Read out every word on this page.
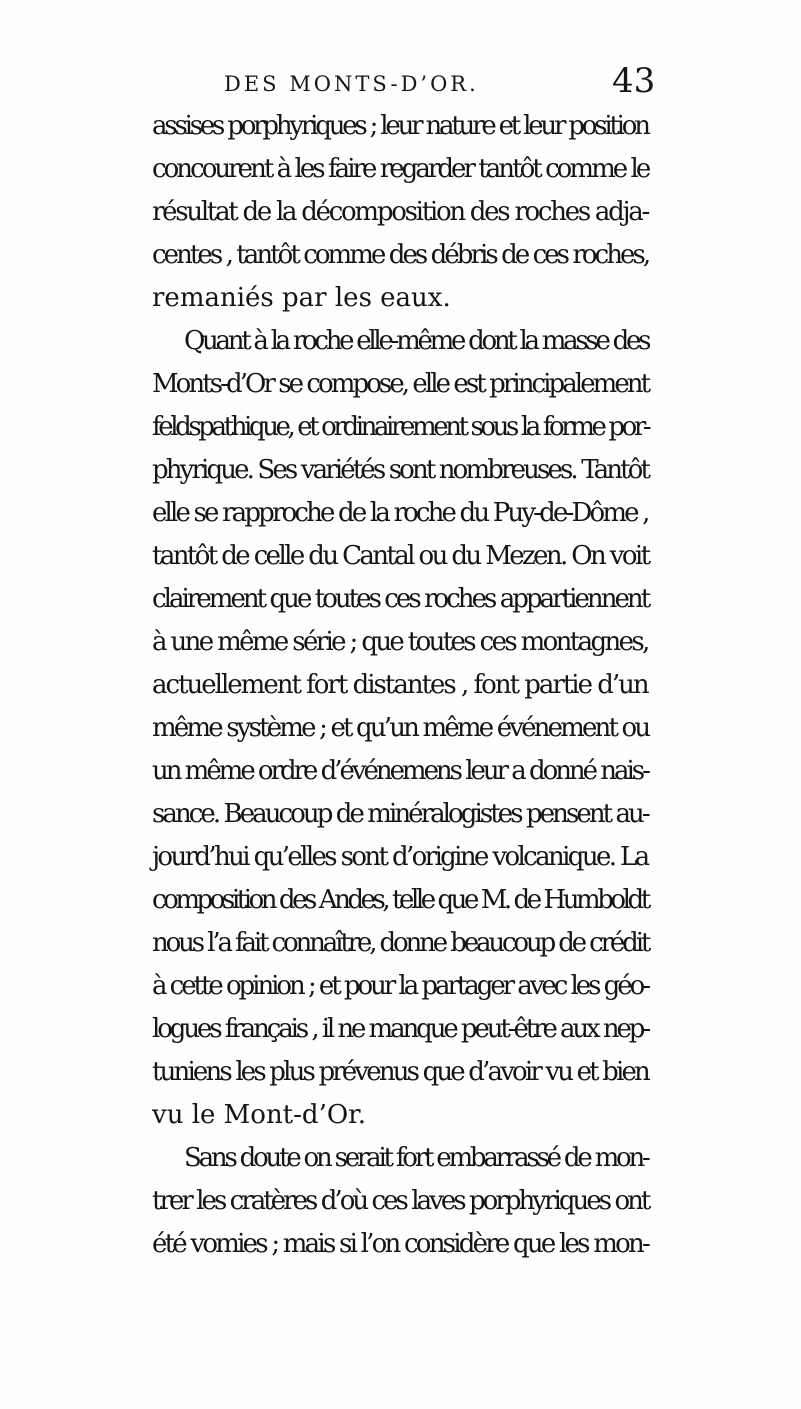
DES MONTS-D’OR.	43
assises porphyriques ; leur nature et leur position
concourent à les faire regarder tantôt comme le
résultat de la décomposition des roches adja-
centes , tantôt comme des débris de ces roches,
remaniés par les eaux.
Quant à la roche elle-même dont la masse des
Monts-d’Or se compose, elle est principalement
feldspathique, et ordinairement sous la forme por-
phyrique. Ses variétés sont nombreuses. Tantôt
elle se rapproche de la roche du Puy-de-Dôme ,
tantôt de celle du Cantal ou du Mezen. On voit
clairement que toutes ces roches appartiennent
à une même série ; que toutes ces montagnes,
actuellement fort distantes , font partie d’un
même système ; et qu’un même événement ou
un même ordre d’événemens leur a donné nais-
sance. Beaucoup de minéralogistes pensent au-
jourd’hui qu’elles sont d’origine volcanique. La
composition des Andes, telle que M. de Humboldt
nous l’a fait connaître, donne beaucoup de crédit
à cette opinion ; et pour la partager avec les géo-
logues français , il ne manque peut-être aux nep-
tuniens les plus prévenus que d’avoir vu et bien
vu le Mont-d’Or.
Sans doute on serait fort embarrassé de mon-
trer les cratères d’où ces laves porphyriques ont
été vomies ; mais si l’on considère que les mon-
